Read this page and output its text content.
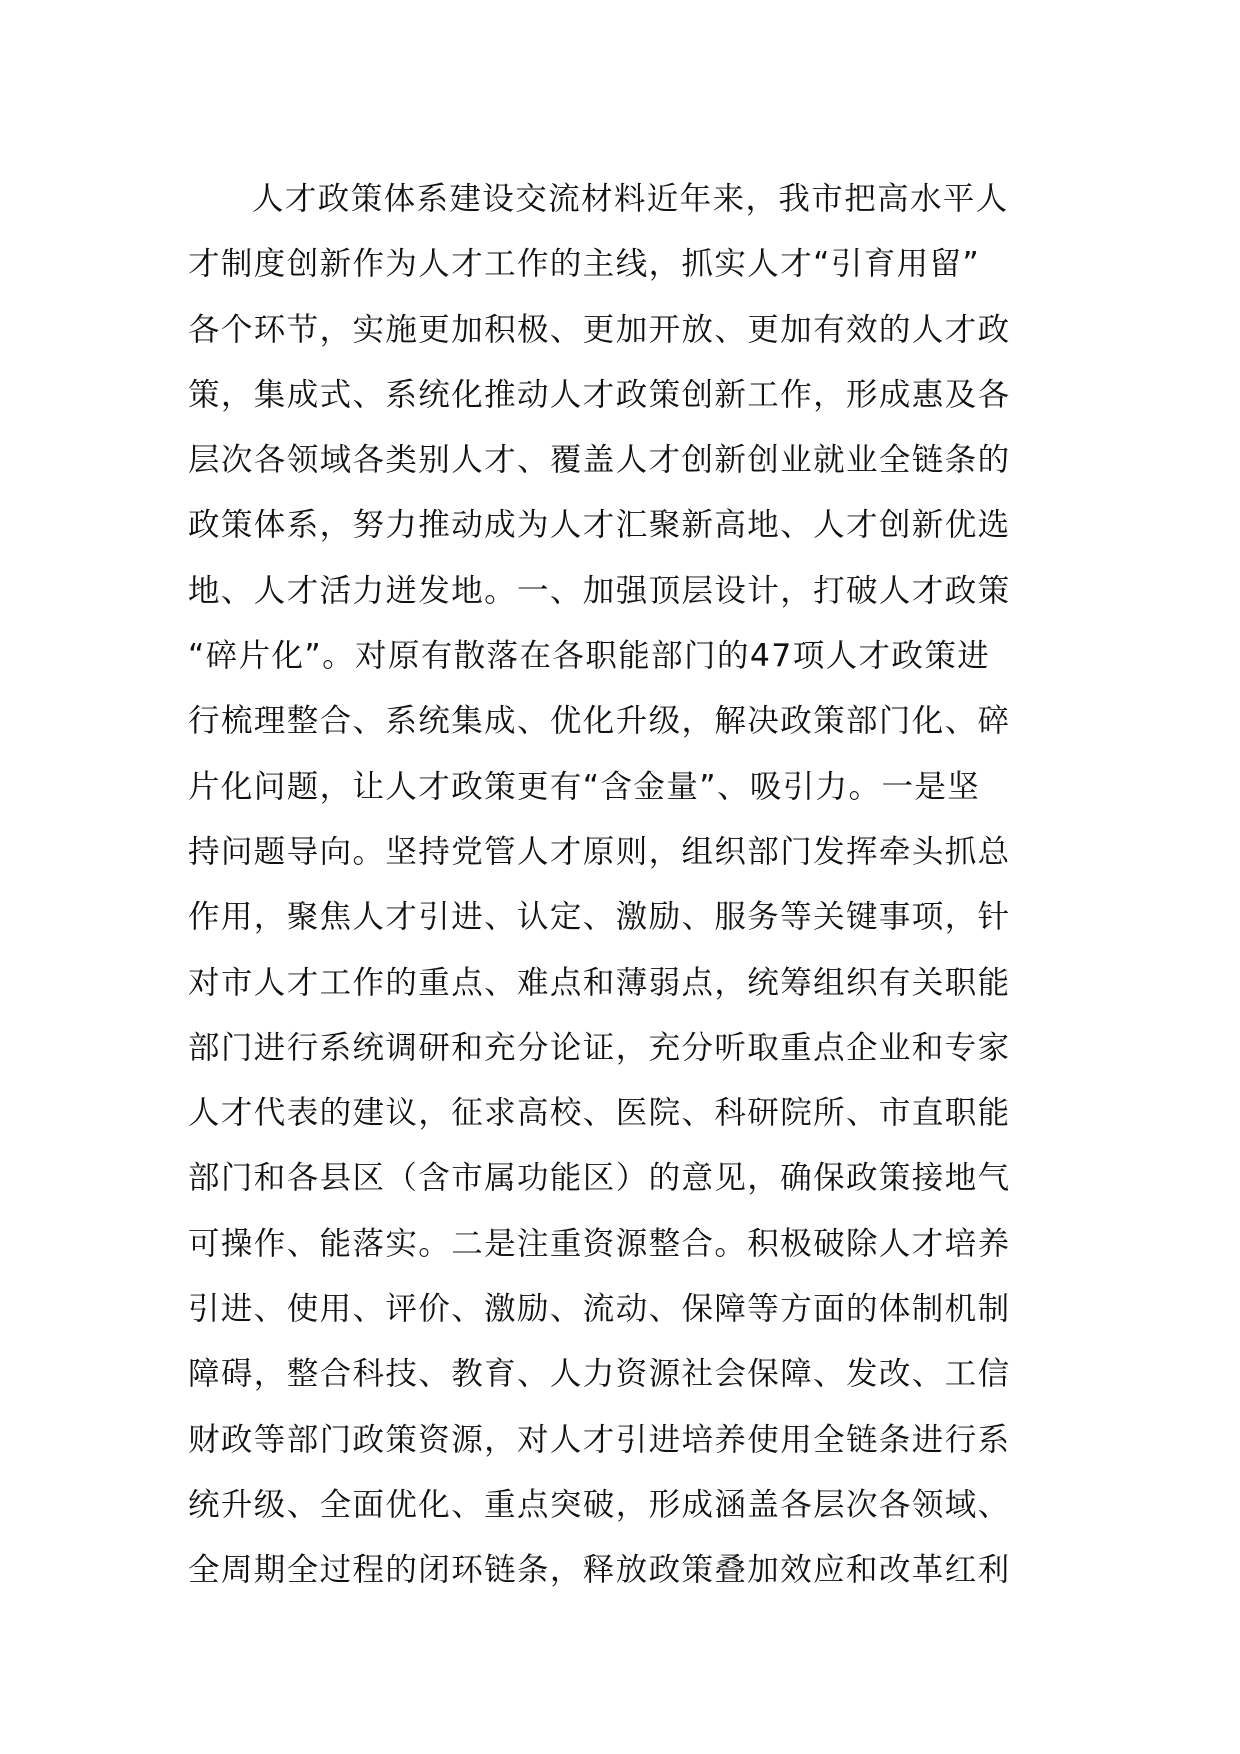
人才政策体系建设交流材料近年来，我市把高水平人
才制度创新作为人才工作的主线，抓实人才“引育用留”
各个环节，实施更加积极、更加开放、更加有效的人才政
策，集成式、系统化推动人才政策创新工作，形成惠及各
层次各领域各类别人才、覆盖人才创新创业就业全链条的
政策体系，努力推动成为人才汇聚新高地、人才创新优选
地、人才活力迸发地。一、加强顶层设计，打破人才政策
“碎片化”。对原有散落在各职能部门的47项人才政策进
行梳理整合、系统集成、优化升级，解决政策部门化、碎
片化问题，让人才政策更有“含金量”、吸引力。一是坚
持问题导向。坚持党管人才原则，组织部门发挥牵头抓总
作用，聚焦人才引进、认定、激励、服务等关键事项，针
对市人才工作的重点、难点和薄弱点，统筹组织有关职能
部门进行系统调研和充分论证，充分听取重点企业和专家
人才代表的建议，征求高校、医院、科研院所、市直职能
部门和各县区（含市属功能区）的意见，确保政策接地气
可操作、能落实。二是注重资源整合。积极破除人才培养
引进、使用、评价、激励、流动、保障等方面的体制机制
障碍，整合科技、教育、人力资源社会保障、发改、工信
财政等部门政策资源，对人才引进培养使用全链条进行系
统升级、全面优化、重点突破，形成涵盖各层次各领域、
全周期全过程的闭环链条，释放政策叠加效应和改革红利
